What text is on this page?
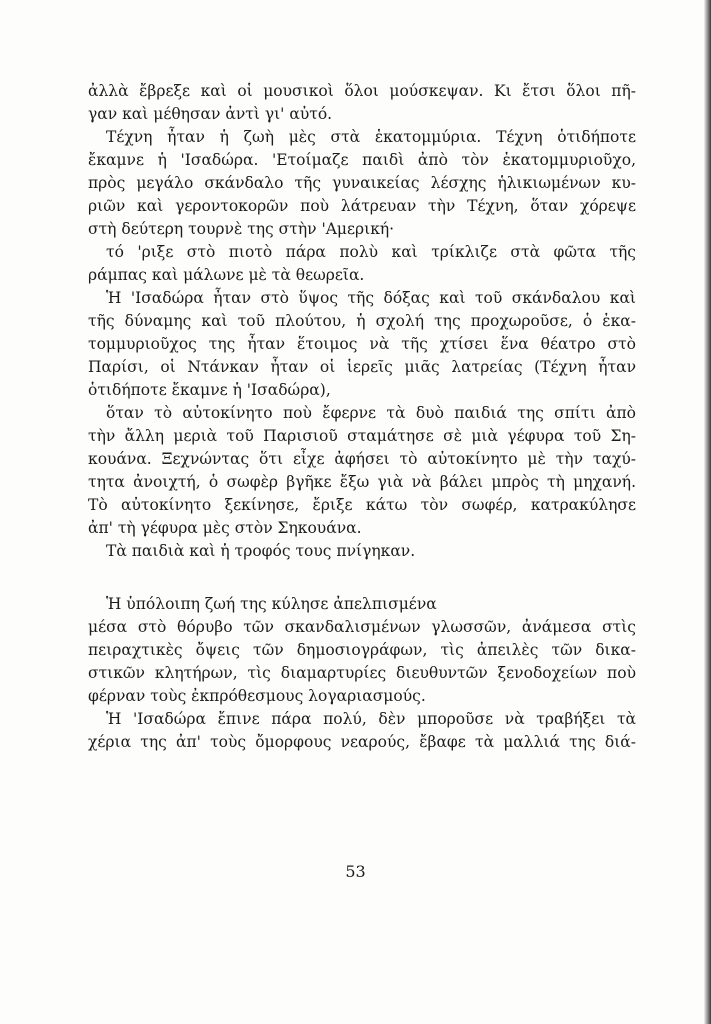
ἀλλὰ ἔβρεξε καὶ οἱ μουσικοὶ ὅλοι μούσκεψαν. Κι ἔτσι ὅλοι πῆ-
γαν καὶ μέθησαν ἀντὶ γι' αὐτό.
Τέχνη ἦταν ἡ ζωὴ μὲς στὰ ἑκατομμύρια. Τέχνη ὁτιδήποτε
ἔκαμνε ἡ 'Ισαδώρα. 'Ετοίμαζε παιδὶ ἀπὸ τὸν ἑκατομμυριοῦχο,
πρὸς μεγάλο σκάνδαλο τῆς γυναικείας λέσχης ἡλικιωμένων κυ-
ριῶν καὶ γεροντοκορῶν ποὺ λάτρευαν τὴν Τέχνη, ὅταν χόρεψε
στὴ δεύτερη τουρνὲ της στὴν 'Αμερική·
τό 'ριξε στὸ πιοτὸ πάρα πολὺ καὶ τρίκλιζε στὰ φῶτα τῆς
ράμπας καὶ μάλωνε μὲ τὰ θεωρεῖα.
Ἡ 'Ισαδώρα ἦταν στὸ ὕψος τῆς δόξας καὶ τοῦ σκάνδαλου καὶ
τῆς δύναμης καὶ τοῦ πλούτου, ἡ σχολή της προχωροῦσε, ὁ ἑκα-
τομμυριοῦχος της ἦταν ἕτοιμος νὰ τῆς χτίσει ἕνα θέατρο στὸ
Παρίσι, οἱ Ντάνκαν ἦταν οἱ ἱερεῖς μιᾶς λατρείας (Τέχνη ἦταν
ὁτιδήποτε ἔκαμνε ἡ 'Ισαδώρα),
ὅταν τὸ αὐτοκίνητο ποὺ ἔφερνε τὰ δυὸ παιδιά της σπίτι ἀπὸ
τὴν ἄλλη μεριὰ τοῦ Παρισιοῦ σταμάτησε σὲ μιὰ γέφυρα τοῦ Ση-
κουάνα. Ξεχνώντας ὅτι εἶχε ἀφήσει τὸ αὐτοκίνητο μὲ τὴν ταχύ-
τητα ἀνοιχτή, ὁ σωφὲρ βγῆκε ἔξω γιὰ νὰ βάλει μπρὸς τὴ μηχανή.
Τὸ αὐτοκίνητο ξεκίνησε, ἔριξε κάτω τὸν σωφέρ, κατρακύλησε
ἀπ' τὴ γέφυρα μὲς στὸν Σηκουάνα.
Τὰ παιδιὰ καὶ ἡ τροφός τους πνίγηκαν.
Ἡ ὑπόλοιπη ζωή της κύλησε ἀπελπισμένα
μέσα στὸ θόρυβο τῶν σκανδαλισμένων γλωσσῶν, ἀνάμεσα στὶς
πειραχτικὲς ὄψεις τῶν δημοσιογράφων, τὶς ἀπειλὲς τῶν δικα-
στικῶν κλητήρων, τὶς διαμαρτυρίες διευθυντῶν ξενοδοχείων ποὺ
φέρναν τοὺς ἐκπρόθεσμους λογαριασμούς.
Ἡ 'Ισαδώρα ἔπινε πάρα πολύ, δὲν μποροῦσε νὰ τραβήξει τὰ
χέρια της ἀπ' τοὺς ὄμορφους νεαρούς, ἔβαφε τὰ μαλλιά της διά-
53
